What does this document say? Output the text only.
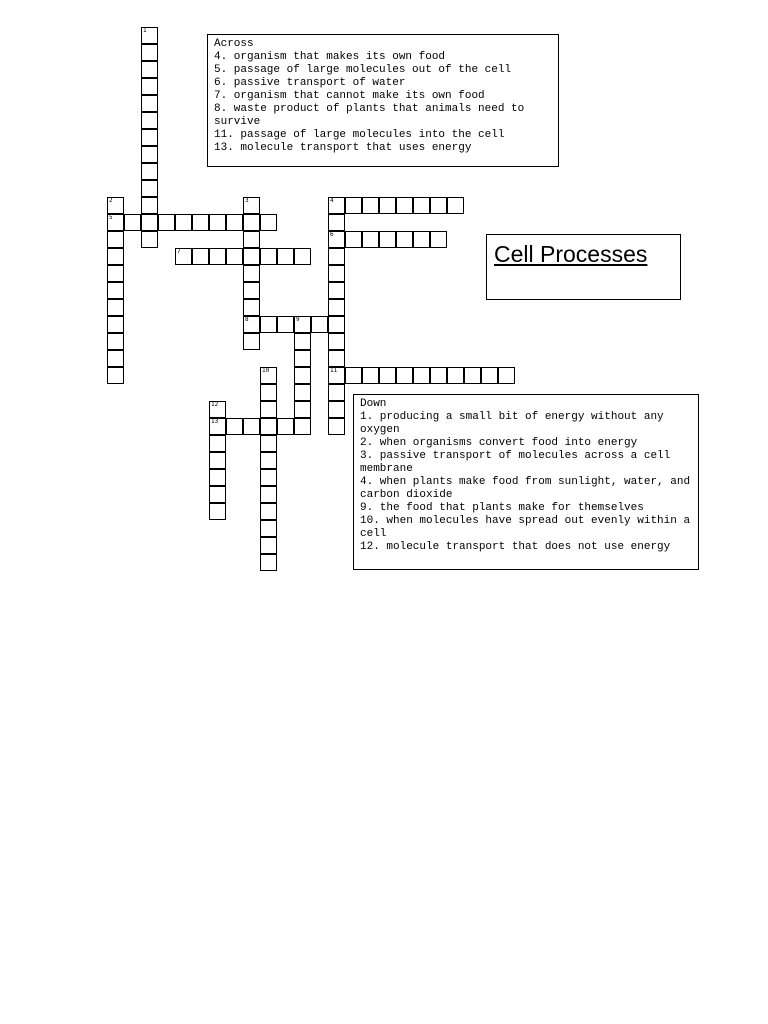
1
2
5
3
8
4
6
11
7
9
10
12
13
Across
4. organism that makes its own food
5. passage of large molecules out of the cell
6. passive transport of water
7. organism that cannot make its own food
8. waste product of plants that animals need to survive
11. passage of large molecules into the cell
13. molecule transport that uses energy
Cell Processes
Down
1. producing a small bit of energy without any oxygen
2. when organisms convert food into energy
3. passive transport of molecules across a cell membrane
4. when plants make food from sunlight, water, and carbon dioxide
9. the food that plants make for themselves
10. when molecules have spread out evenly within a cell
12. molecule transport that does not use energy
